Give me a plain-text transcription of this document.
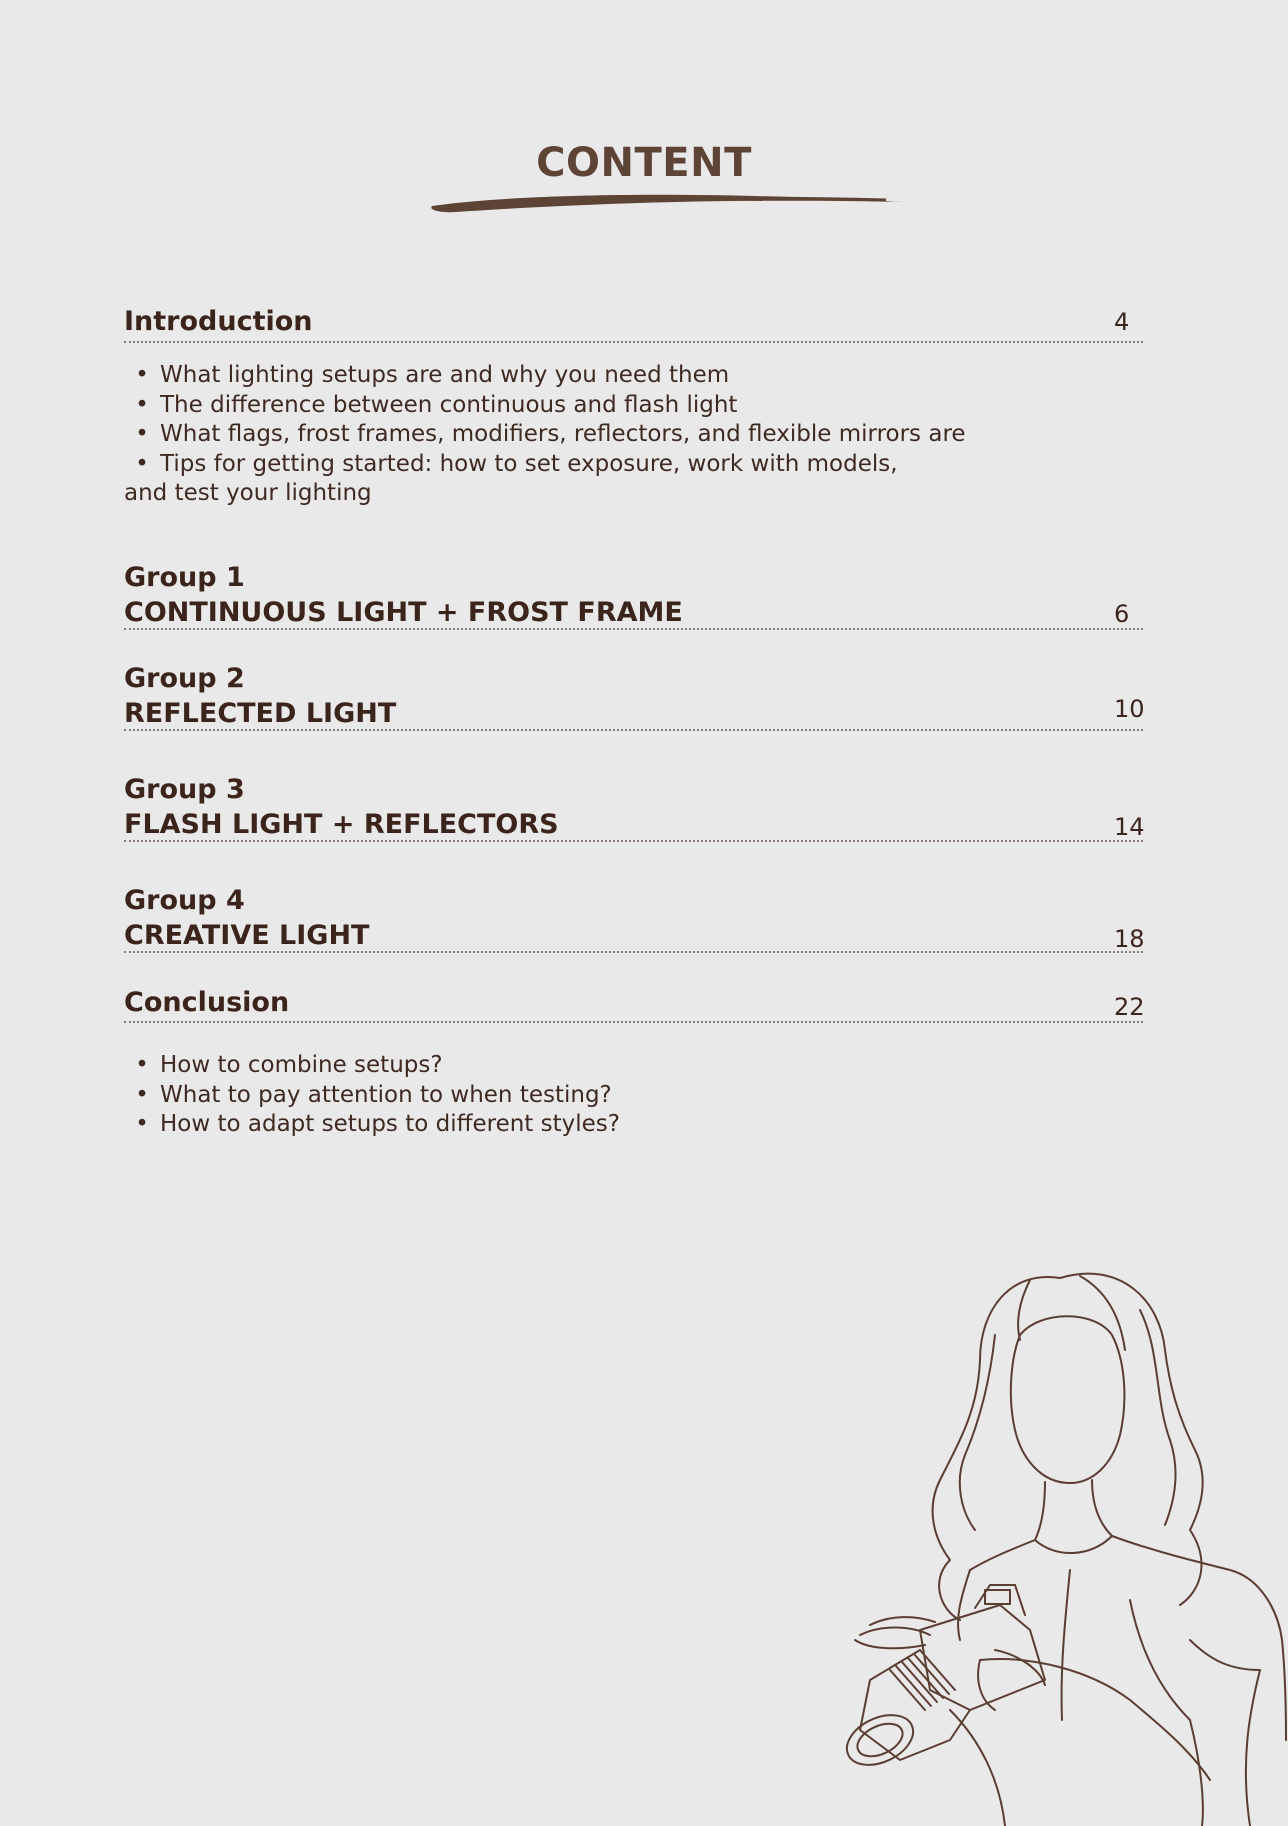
CONTENT
Introduction	4
• What lighting setups are and why you need them
• The difference between continuous and flash light
• What flags, frost frames, modifiers, reflectors, and flexible mirrors are
• Tips for getting started: how to set exposure, work with models,
and test your lighting
Group 1
CONTINUOUS LIGHT + FROST FRAME	6
Group 2
REFLECTED LIGHT	10
Group 3
FLASH LIGHT + REFLECTORS	14
Group 4
CREATIVE LIGHT	18
Conclusion	22
• How to combine setups?
• What to pay attention to when testing?
• How to adapt setups to different styles?
